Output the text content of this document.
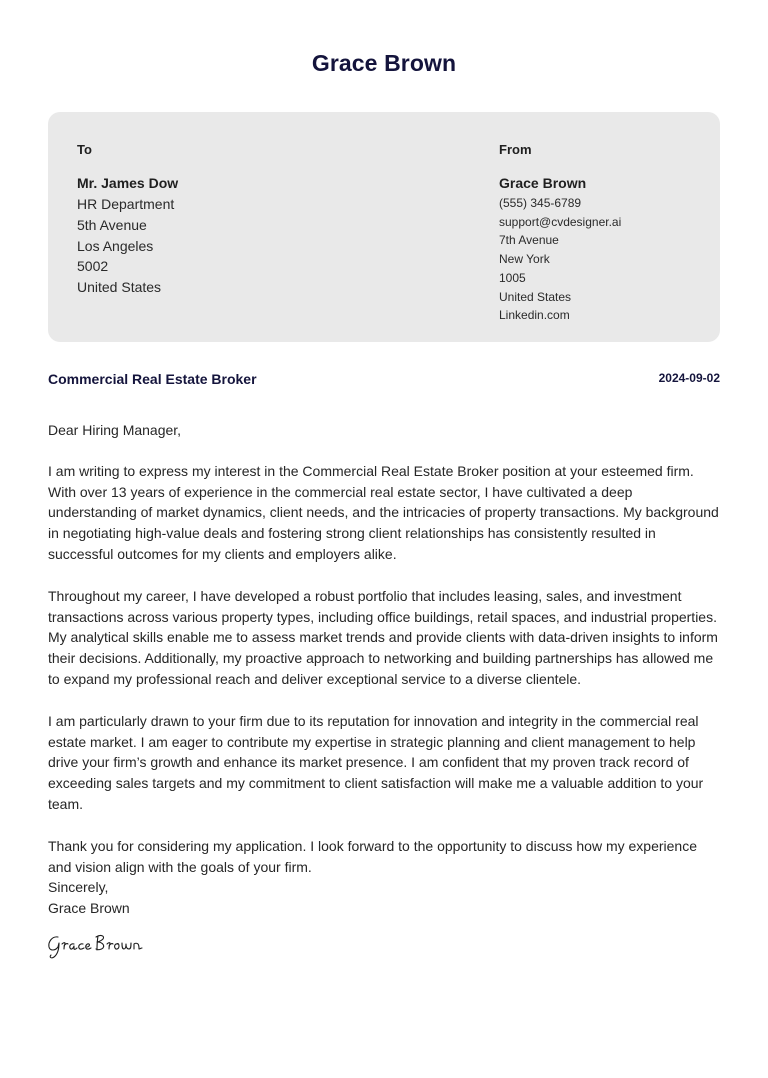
Grace Brown
To
Mr. James Dow
HR Department
5th Avenue
Los Angeles
5002
United States
From
Grace Brown
(555) 345-6789
support@cvdesigner.ai
7th Avenue
New York
1005
United States
Linkedin.com
Commercial Real Estate Broker	2024-09-02

Dear Hiring Manager,

I am writing to express my interest in the Commercial Real Estate Broker position at your esteemed firm. With over 13 years of experience in the commercial real estate sector, I have cultivated a deep understanding of market dynamics, client needs, and the intricacies of property transactions. My background in negotiating high-value deals and fostering strong client relationships has consistently resulted in successful outcomes for my clients and employers alike.

Throughout my career, I have developed a robust portfolio that includes leasing, sales, and investment transactions across various property types, including office buildings, retail spaces, and industrial properties. My analytical skills enable me to assess market trends and provide clients with data-driven insights to inform their decisions. Additionally, my proactive approach to networking and building partnerships has allowed me to expand my professional reach and deliver exceptional service to a diverse clientele.

I am particularly drawn to your firm due to its reputation for innovation and integrity in the commercial real estate market. I am eager to contribute my expertise in strategic planning and client management to help drive your firm’s growth and enhance its market presence. I am confident that my proven track record of exceeding sales targets and my commitment to client satisfaction will make me a valuable addition to your team.

Thank you for considering my application. I look forward to the opportunity to discuss how my experience and vision align with the goals of your firm.

Sincerely,
Grace Brown
